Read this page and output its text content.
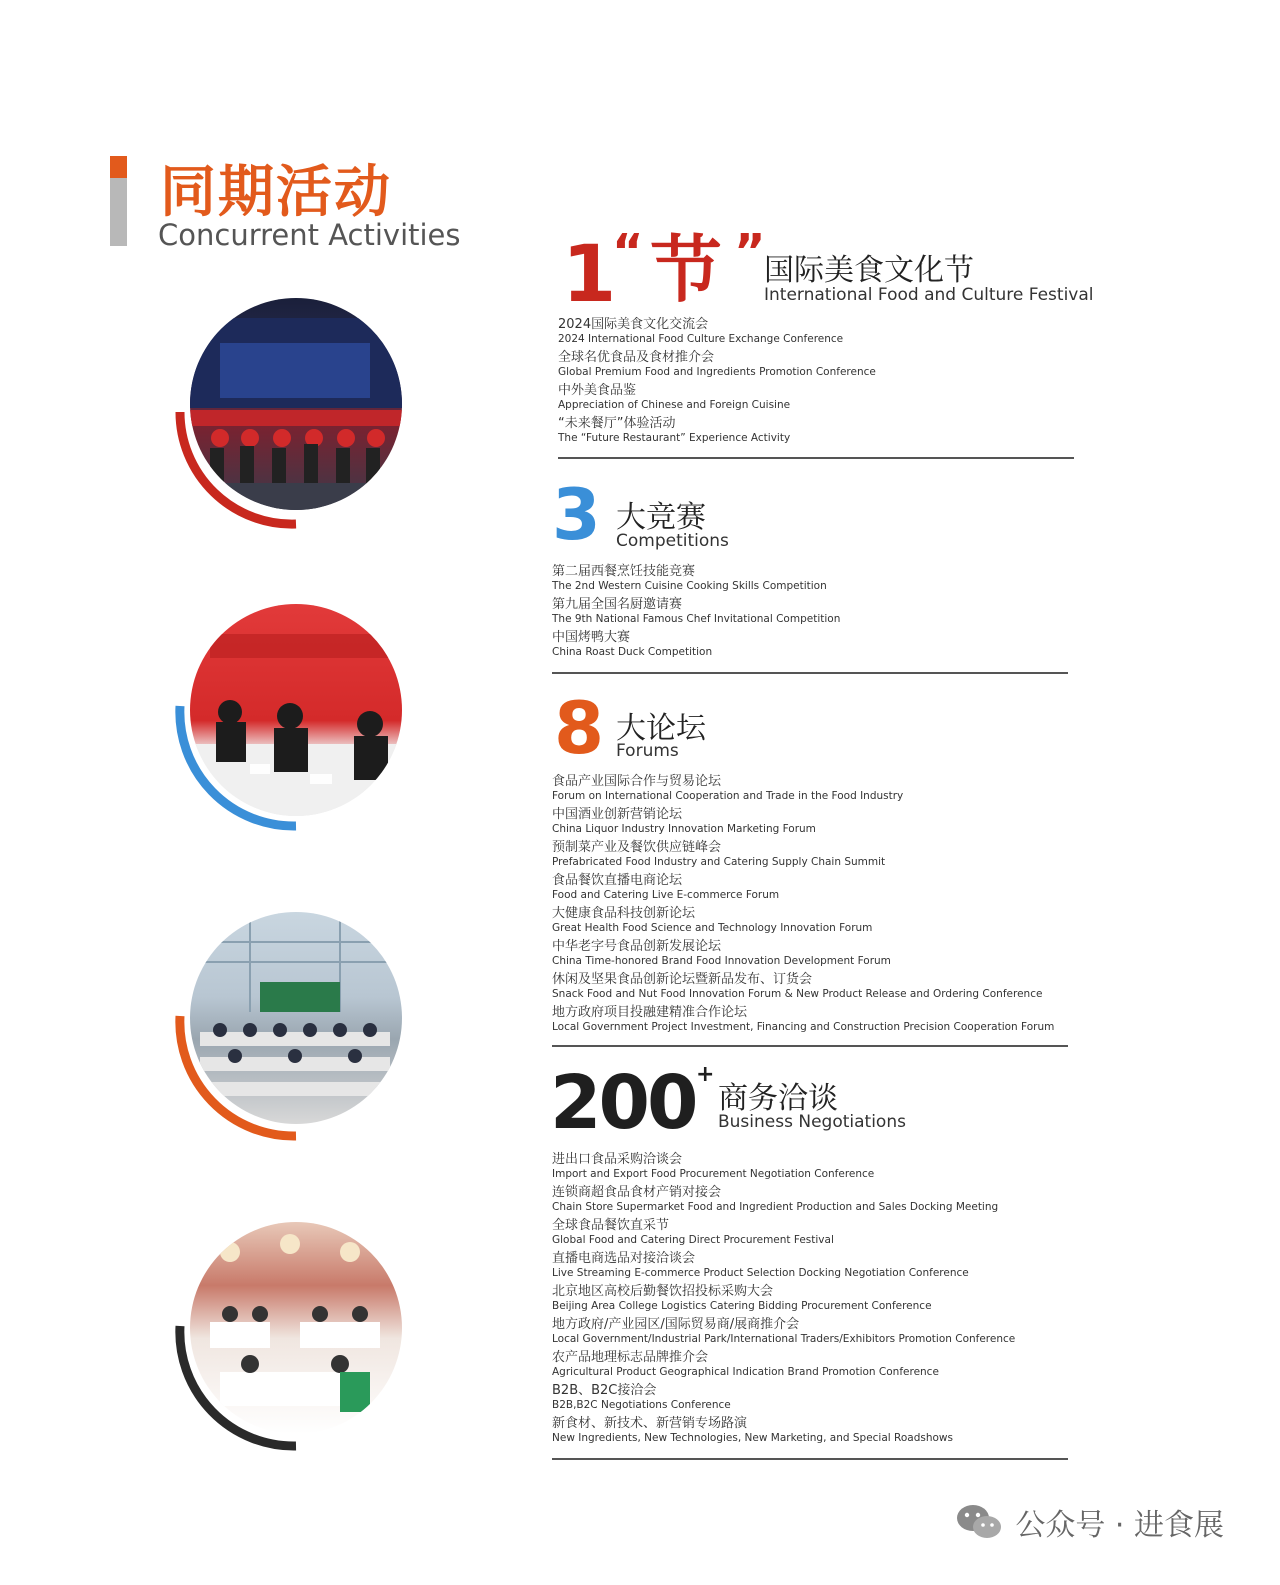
同期活动
Concurrent Activities 1
“ 节 ”
国际美食文化节
International Food and Culture Festival
2024国际美食文化交流会
2024 International Food Culture Exchange Conference
全球名优食品及食材推介会
Global Premium Food and Ingredients Promotion Conference
中外美食品鉴
Appreciation of Chinese and Foreign Cuisine
“未来餐厅”体验活动
The “Future Restaurant” Experience Activity
3 大竞赛
Competitions
第二届西餐烹饪技能竞赛
The 2nd Western Cuisine Cooking Skills Competition
第九届全国名厨邀请赛
The 9th National Famous Chef Invitational Competition
中国烤鸭大赛
China Roast Duck Competition
8 大论坛
Forums
食品产业国际合作与贸易论坛
Forum on International Cooperation and Trade in the Food Industry
中国酒业创新营销论坛
China Liquor Industry Innovation Marketing Forum
预制菜产业及餐饮供应链峰会
Prefabricated Food Industry and Catering Supply Chain Summit
食品餐饮直播电商论坛
Food and Catering Live E-commerce Forum
大健康食品科技创新论坛
Great Health Food Science and Technology Innovation Forum
中华老字号食品创新发展论坛
China Time-honored Brand Food Innovation Development Forum
休闲及坚果食品创新论坛暨新品发布、订货会
Snack Food and Nut Food Innovation Forum & New Product Release and Ordering Conference
地方政府项目投融建精准合作论坛
Local Government Project Investment, Financing and Construction Precision Cooperation Forum
200 +
商务洽谈
Business Negotiations
进出口食品采购洽谈会
Import and Export Food Procurement Negotiation Conference
连锁商超食品食材产销对接会
Chain Store Supermarket Food and Ingredient Production and Sales Docking Meeting
全球食品餐饮直采节
Global Food and Catering Direct Procurement Festival
直播电商选品对接洽谈会
Live Streaming E-commerce Product Selection Docking Negotiation Conference
北京地区高校后勤餐饮招投标采购大会
Beijing Area College Logistics Catering Bidding Procurement Conference
地方政府/产业园区/国际贸易商/展商推介会
Local Government/Industrial Park/International Traders/Exhibitors Promotion Conference
农产品地理标志品牌推介会
Agricultural Product Geographical Indication Brand Promotion Conference
B2B、B2C接洽会
B2B,B2C Negotiations Conference
新食材、新技术、新营销专场路演
New Ingredients, New Technologies, New Marketing, and Special Roadshows
公众号 · 进食展
